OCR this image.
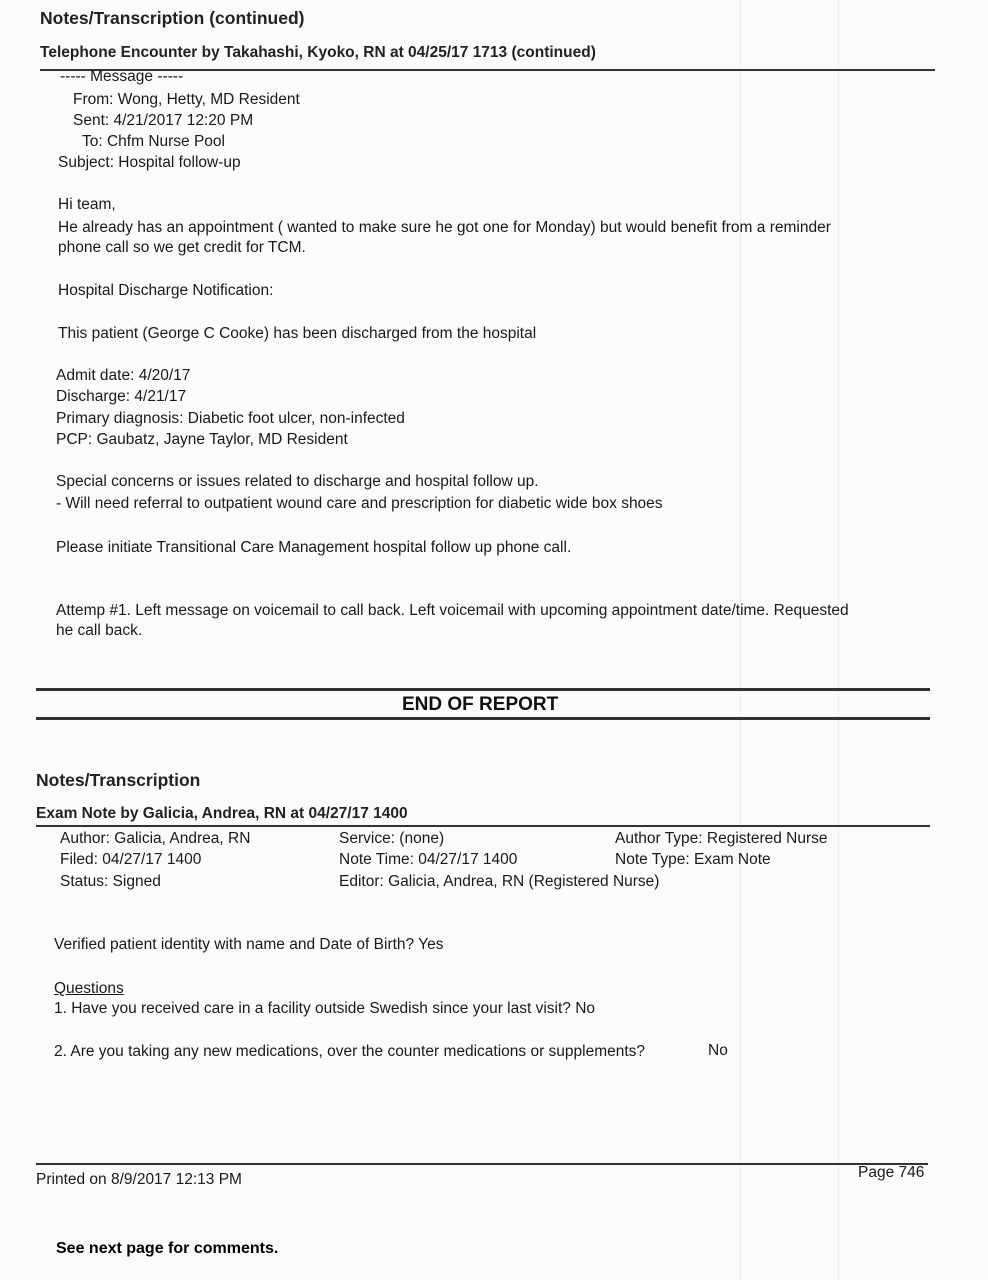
Notes/Transcription (continued)
Telephone Encounter by Takahashi, Kyoko, RN at 04/25/17 1713 (continued)
----- Message -----
From: Wong, Hetty, MD Resident
Sent: 4/21/2017 12:20 PM
To: Chfm Nurse Pool
Subject: Hospital follow-up
Hi team,
He already has an appointment ( wanted to make sure he got one for Monday) but would benefit from a reminder
phone call so we get credit for TCM.
Hospital Discharge Notification:
This patient (George C Cooke) has been discharged from the hospital
Admit date: 4/20/17
Discharge: 4/21/17
Primary diagnosis: Diabetic foot ulcer, non-infected
PCP: Gaubatz, Jayne Taylor, MD Resident
Special concerns or issues related to discharge and hospital follow up.
- Will need referral to outpatient wound care and prescription for diabetic wide box shoes
Please initiate Transitional Care Management hospital follow up phone call.
Attemp #1. Left message on voicemail to call back. Left voicemail with upcoming appointment date/time. Requested
he call back.
END OF REPORT
Notes/Transcription
Exam Note by Galicia, Andrea, RN at 04/27/17 1400
Author: Galicia, Andrea, RN
Filed: 04/27/17 1400
Status: Signed
Service: (none)
Note Time: 04/27/17 1400
Editor: Galicia, Andrea, RN (Registered Nurse)
Author Type: Registered Nurse
Note Type: Exam Note
Verified patient identity with name and Date of Birth? Yes
Questions
1. Have you received care in a facility outside Swedish since your last visit? No
2. Are you taking any new medications, over the counter medications or supplements?	No
Printed on 8/9/2017 12:13 PM	Page 746
See next page for comments.
